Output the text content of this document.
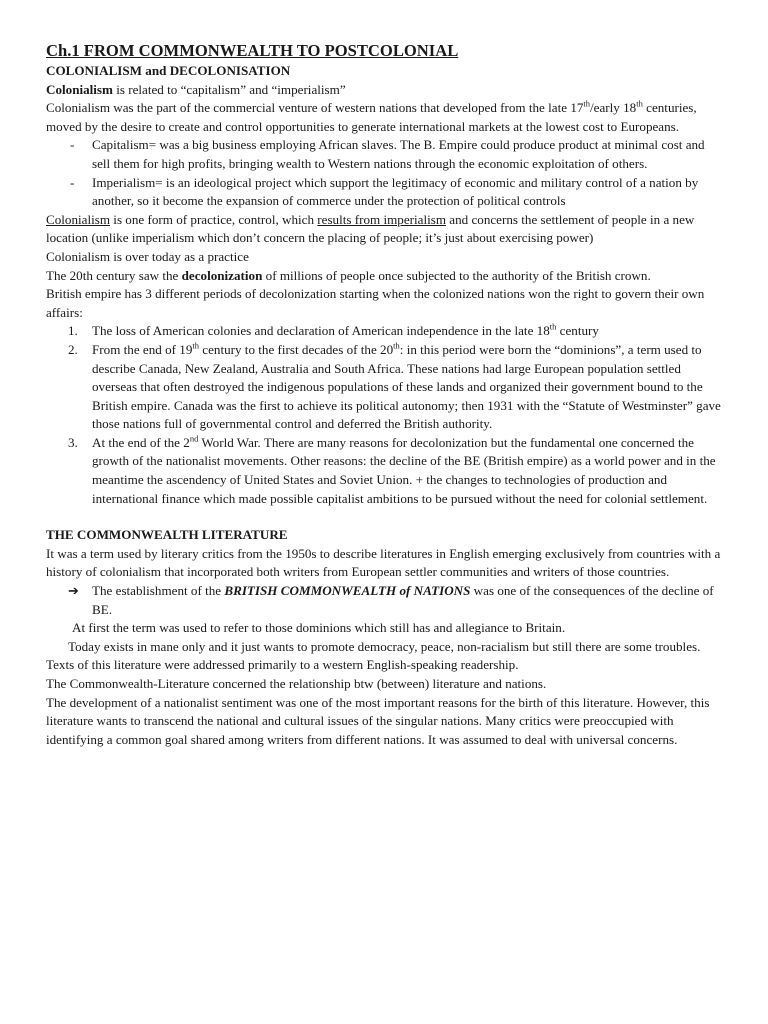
Ch.1 FROM COMMONWEALTH TO POSTCOLONIAL

COLONIALISM and DECOLONISATION

Colonialism is related to “capitalism” and “imperialism”

Colonialism was the part of the commercial venture of western nations that developed from the late 17th/early 18th centuries, moved by the desire to create and control opportunities to generate international markets at the lowest cost to Europeans.

- Capitalism= was a big business employing African slaves. The B. Empire could produce product at minimal cost and sell them for high profits, bringing wealth to Western nations through the economic exploitation of others.
- Imperialism= is an ideological project which support the legitimacy of economic and military control of a nation by another, so it become the expansion of commerce under the protection of political controls

Colonialism is one form of practice, control, which results from imperialism and concerns the settlement of people in a new location (unlike imperialism which don’t concern the placing of people; it’s just about exercising power)

Colonialism is over today as a practice

The 20th century saw the decolonization of millions of people once subjected to the authority of the British crown.

British empire has 3 different periods of decolonization starting when the colonized nations won the right to govern their own affairs:

1. The loss of American colonies and declaration of American independence in the late 18th century
2. From the end of 19th century to the first decades of the 20th: in this period were born the “dominions”, a term used to describe Canada, New Zealand, Australia and South Africa. These nations had large European population settled overseas that often destroyed the indigenous populations of these lands and organized their government bound to the British empire. Canada was the first to achieve its political autonomy; then 1931 with the “Statute of Westminster” gave those nations full of governmental control and deferred the British authority.
3. At the end of the 2nd World War. There are many reasons for decolonization but the fundamental one concerned the growth of the nationalist movements. Other reasons: the decline of the BE (British empire) as a world power and in the meantime the ascendency of United States and Soviet Union. + the changes to technologies of production and international finance which made possible capitalist ambitions to be pursued without the need for colonial settlement.

THE COMMONWEALTH LITERATURE

It was a term used by literary critics from the 1950s to describe literatures in English emerging exclusively from countries with a history of colonialism that incorporated both writers from European settler communities and writers of those countries.

➔ The establishment of the BRITISH COMMONWEALTH of NATIONS was one of the consequences of the decline of BE.

At first the term was used to refer to those dominions which still has and allegiance to Britain.

Today exists in mane only and it just wants to promote democracy, peace, non-racialism but still there are some troubles.

Texts of this literature were addressed primarily to a western English-speaking readership.

The Commonwealth-Literature concerned the relationship btw (between) literature and nations.

The development of a nationalist sentiment was one of the most important reasons for the birth of this literature. However, this literature wants to transcend the national and cultural issues of the singular nations. Many critics were preoccupied with identifying a common goal shared among writers from different nations. It was assumed to deal with universal concerns.
